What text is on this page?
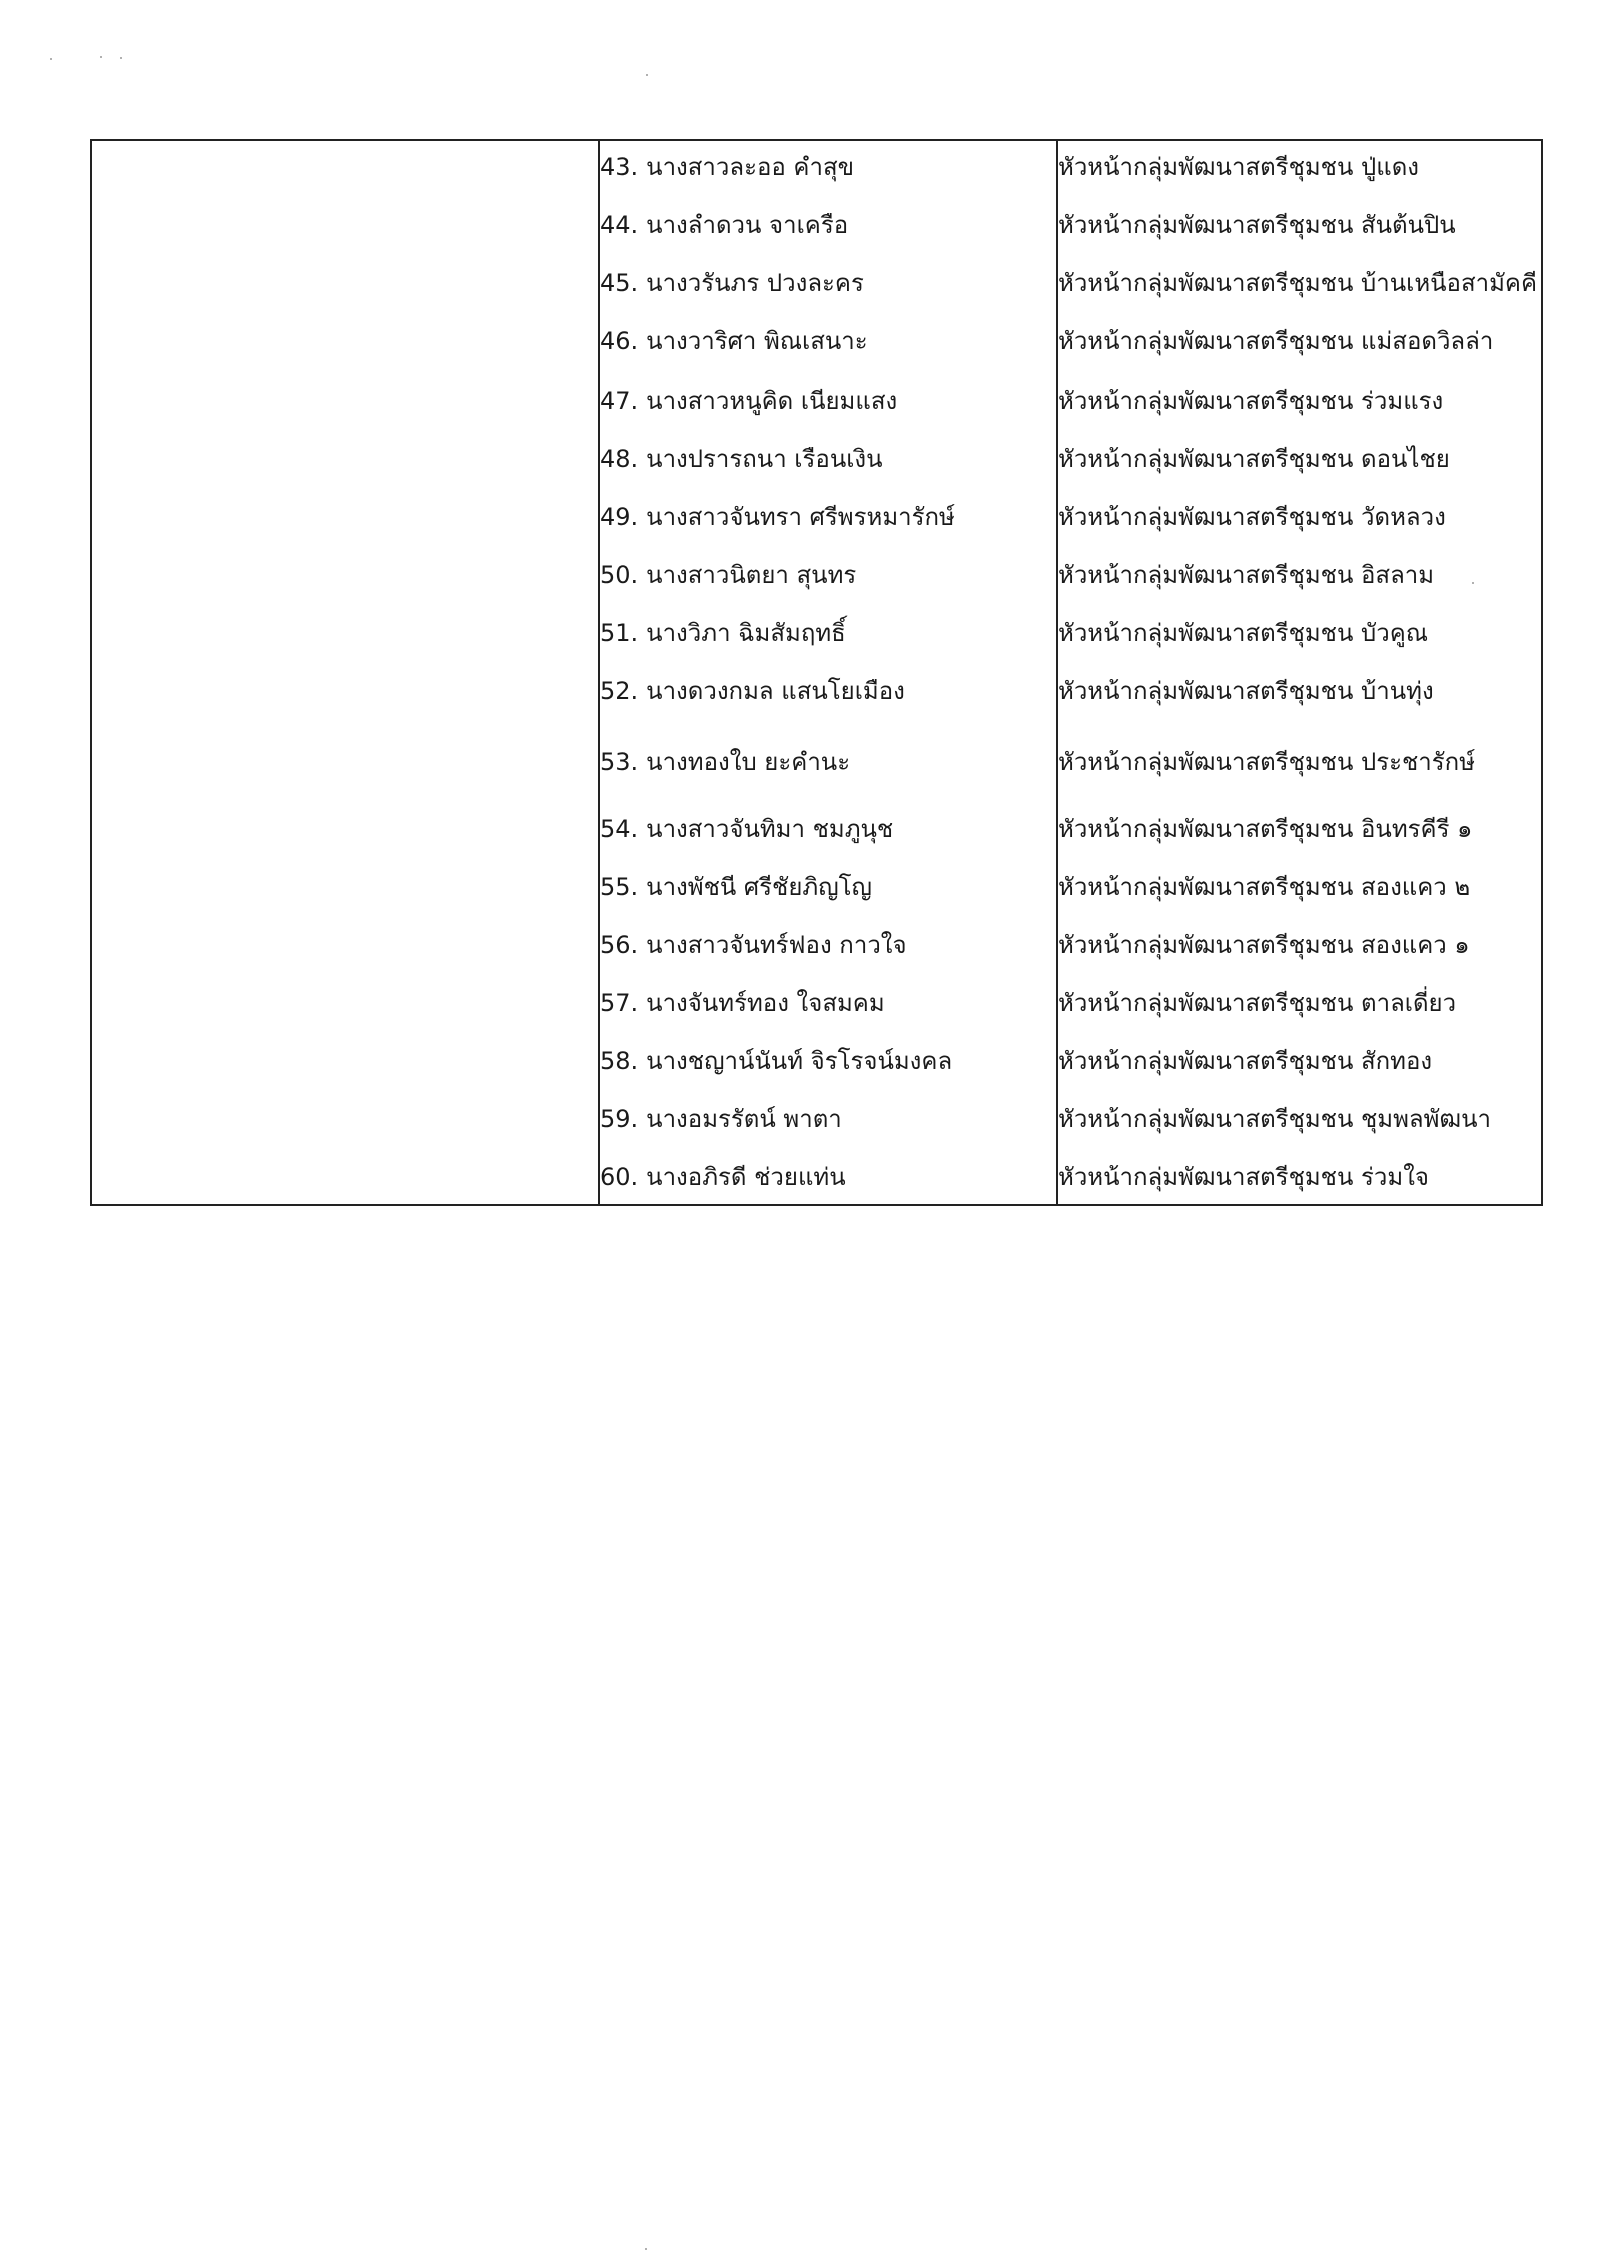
43. นางสาวละออ คำสุข	หัวหน้ากลุ่มพัฒนาสตรีชุมชน ปู่แดง
44. นางลำดวน จาเครือ	หัวหน้ากลุ่มพัฒนาสตรีชุมชน สันต้นปิน
45. นางวรันภร ปวงละคร	หัวหน้ากลุ่มพัฒนาสตรีชุมชน บ้านเหนือสามัคคี
46. นางวาริศา พิณเสนาะ	หัวหน้ากลุ่มพัฒนาสตรีชุมชน แม่สอดวิลล่า
47. นางสาวหนูคิด เนียมแสง	หัวหน้ากลุ่มพัฒนาสตรีชุมชน ร่วมแรง
48. นางปรารถนา เรือนเงิน	หัวหน้ากลุ่มพัฒนาสตรีชุมชน ดอนไชย
49. นางสาวจันทรา ศรีพรหมารักษ์	หัวหน้ากลุ่มพัฒนาสตรีชุมชน วัดหลวง
50. นางสาวนิตยา สุนทร	หัวหน้ากลุ่มพัฒนาสตรีชุมชน อิสลาม
51. นางวิภา ฉิมสัมฤทธิ์	หัวหน้ากลุ่มพัฒนาสตรีชุมชน บัวคูณ
52. นางดวงกมล แสนโยเมือง	หัวหน้ากลุ่มพัฒนาสตรีชุมชน บ้านทุ่ง
53. นางทองใบ ยะคำนะ	หัวหน้ากลุ่มพัฒนาสตรีชุมชน ประชารักษ์
54. นางสาวจันทิมา ชมภูนุช	หัวหน้ากลุ่มพัฒนาสตรีชุมชน อินทรคีรี ๑
55. นางพัชนี ศรีชัยภิญโญ	หัวหน้ากลุ่มพัฒนาสตรีชุมชน สองแคว ๒
56. นางสาวจันทร์ฟอง กาวใจ	หัวหน้ากลุ่มพัฒนาสตรีชุมชน สองแคว ๑
57. นางจันทร์ทอง ใจสมคม	หัวหน้ากลุ่มพัฒนาสตรีชุมชน ตาลเดี่ยว
58. นางชญาน์นันท์ จิรโรจน์มงคล	หัวหน้ากลุ่มพัฒนาสตรีชุมชน สักทอง
59. นางอมรรัตน์ พาตา	หัวหน้ากลุ่มพัฒนาสตรีชุมชน ชุมพลพัฒนา
60. นางอภิรดี ช่วยแท่น	หัวหน้ากลุ่มพัฒนาสตรีชุมชน ร่วมใจ
